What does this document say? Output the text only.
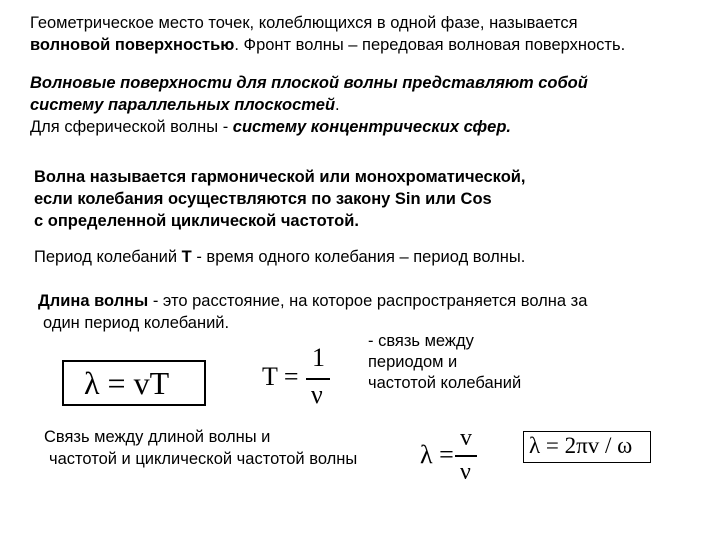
Геометрическое место точек, колеблющихся в одной фазе, называется
волновой поверхностью. Фронт волны – передовая волновая поверхность.
Волновые поверхности для плоской волны представляют собой
систему параллельных плоскостей.
Для сферической волны - систему концентрических сфер.
Волна называется гармонической или монохроматической,
если колебания осуществляются по закону Sin или Cos
с определенной циклической частотой.
Период колебаний T - время одного колебания – период волны.
Длина волны - это расстояние, на которое распространяется волна за
один период колебаний.
λ = vT	T =
1
ν
- связь между
периодом и
частотой колебаний
Связь между длиной волны и
частотой и циклической частотой волны λ =
v
ν
λ = 2πv / ω
